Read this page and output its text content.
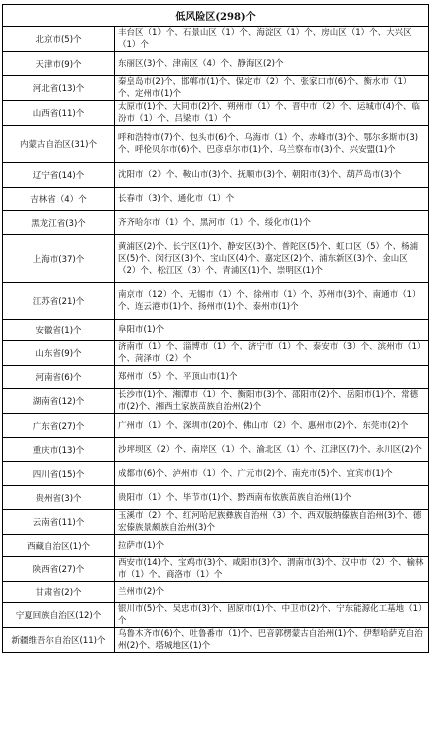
低风险区(298)个	
北京市(5)个	丰台区（1）个、石景山区（1）个、海淀区（1）个、房山区（1）个、大兴区（1）个
天津市(9)个	东丽区(3)个、津南区（4）个、静海区(2)个
河北省(13)个	秦皇岛市(2)个、邯郸市(1)个、保定市（2）个、张家口市(6)个、衡水市（1）个、定州市(1)个
山西省(11)个	太原市(1)个、大同市(2)个、朔州市（1）个、晋中市（2）个、运城市(4)个、临汾市（1）个、吕梁市（1）个
内蒙古自治区(31)个	呼和浩特市(7)个、包头市(6)个、乌海市（1）个、赤峰市(3)个、鄂尔多斯市(3)个、呼伦贝尔市(6)个、巴彦卓尔市(1)个、乌兰察布市(3)个、兴安盟(1)个
辽宁省(14)个	沈阳市（2）个、鞍山市(3)个、抚顺市(3)个、朝阳市(3)个、葫芦岛市(3)个
吉林省（4）个	长春市（3)个、通化市（1）个
黑龙江省(3)个	齐齐哈尔市（1）个、黑河市（1）个、绥化市(1)个
上海市(37)个	黄浦区(2)个、长宁区(1)个、静安区(3)个、普陀区(5)个、虹口区（5）个、杨浦区(5)个、闵行区(3)个、宝山区(4)个、嘉定区(2)个、浦东新区(3)个、金山区（2）个、松江区（3）个、青浦区(1)个、崇明区(1)个
江苏省(21)个	南京市（12）个、无锡市（1）个、徐州市（1）个、苏州市(3)个、南通市（1）个、连云港市(1)个、扬州市(1)个、泰州市(1)个
安徽省(1)个	阜阳市(1)个
山东省(9)个	济南市（1）个、淄博市（1）个、济宁市（1）个、泰安市（3）个、滨州市（1）个、菏泽市（2）个
河南省(6)个	郑州市（5）个、平顶山市(1)个
湖南省(12)个	长沙市(1)个、湘潭市（1）个、衡阳市(3)个、邵阳市(2)个、岳阳市(1)个、常德市(2)个、湘西土家族苗族自治州(2)个
广东省(27)个	广州市（1）个、深圳市(20)个、佛山市（2）个、惠州市(2)个、东莞市(2)个
重庆市(13)个	沙坪坝区（2）个、南岸区（1）个、渝北区（1）个、江津区(7)个、永川区(2)个
四川省(15)个	成都市(6)个、泸州市（1）个、广元市(2)个、南充市(5)个、宜宾市(1)个
贵州省(3)个	贵阳市（1）个、毕节市(1)个、黔西南布依族苗族自治州(1)个
云南省(11)个	玉溪市（2）个、红河哈尼族彝族自治州（3）个、西双版纳傣族自治州(3)个、德宏傣族景颇族自治州(3)个
西藏自治区(1)个	拉萨市(1)个
陕西省(27)个	西安市(14)个、宝鸡市(3)个、咸阳市(3)个、渭南市(3)个、汉中市（2）个、榆林市（1）个、商洛市（1）个
甘肃省(2)个	兰州市(2)个
宁夏回族自治区(12)个	银川市(5)个、吴忠市(3)个、固原市(1)个、中卫市(2)个、宁东能源化工基地（1）个
新疆维吾尔自治区(11)个	乌鲁木齐市(6)个、吐鲁番市（1)个、巴音郭楞蒙古自治州(1)个、伊犁哈萨克自治州(2)个、塔城地区(1)个
